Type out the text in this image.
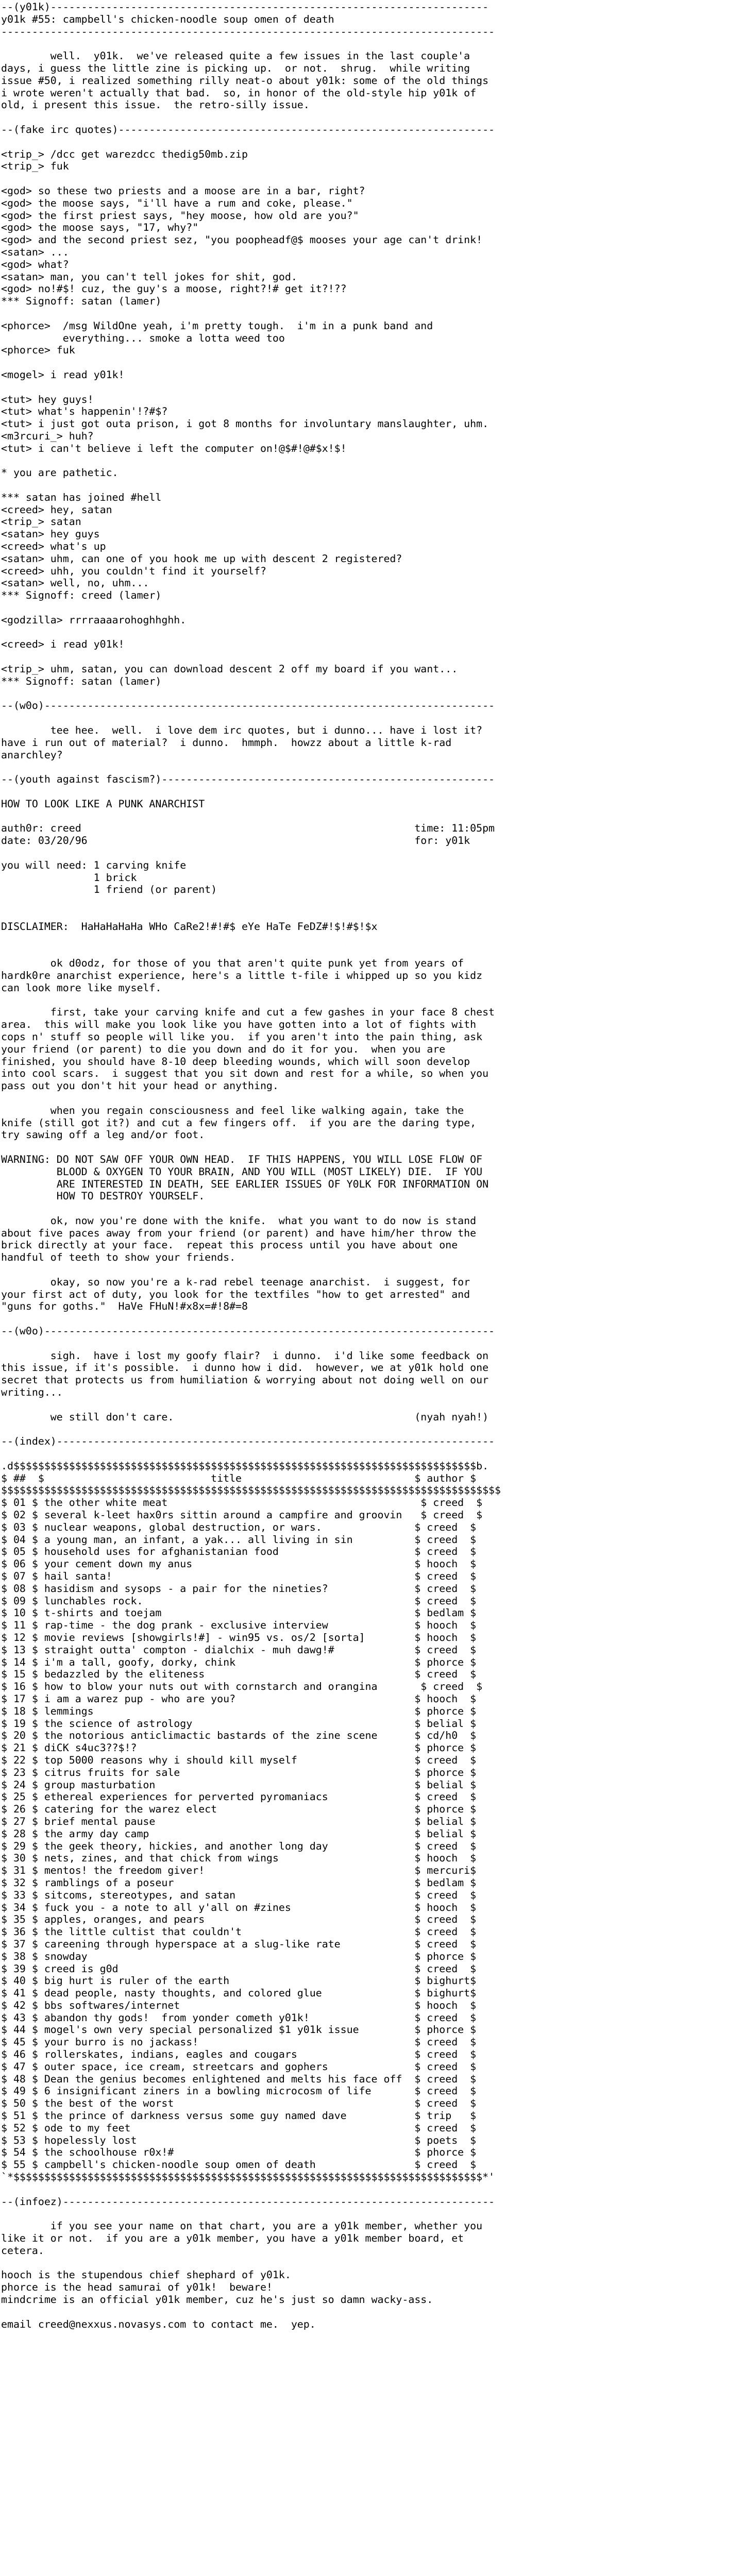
--(y01k)-----------------------------------------------------------------------
y01k #55: campbell's chicken-noodle soup omen of death
--------------------------------------------------------------------------------

well.  y01k.  we've released quite a few issues in the last couple'a
days, i guess the little zine is picking up.  or not.  shrug.  while writing
issue #50, i realized something rilly neat-o about y01k: some of the old things
i wrote weren't actually that bad.  so, in honor of the old-style hip y01k of
old, i present this issue.  the retro-silly issue.

--(fake irc quotes)-------------------------------------------------------------

<trip_> /dcc get warezdcc thedig50mb.zip
<trip_> fuk

<god> so these two priests and a moose are in a bar, right?
<god> the moose says, "i'll have a rum and coke, please."
<god> the first priest says, "hey moose, how old are you?"
<god> the moose says, "17, why?"
<god> and the second priest sez, "you poopheadf@$ mooses your age can't drink!
<satan> ...
<god> what?
<satan> man, you can't tell jokes for shit, god.
<god> no!#$! cuz, the guy's a moose, right?!# get it?!??
*** Signoff: satan (lamer)

<phorce>  /msg WildOne yeah, i'm pretty tough.  i'm in a punk band and
everything... smoke a lotta weed too
<phorce> fuk

<mogel> i read y01k!

<tut> hey guys!
<tut> what's happenin'!?#$?
<tut> i just got outa prison, i got 8 months for involuntary manslaughter, uhm.
<m3rcuri_> huh?
<tut> i can't believe i left the computer on!@$#!@#$x!$!

* you are pathetic.

*** satan has joined #hell
<creed> hey, satan
<trip_> satan
<satan> hey guys
<creed> what's up
<satan> uhm, can one of you hook me up with descent 2 registered?
<creed> uhh, you couldn't find it yourself?
<satan> well, no, uhm...
*** Signoff: creed (lamer)

<godzilla> rrrraaaarohoghhghh.

<creed> i read y01k!

<trip_> uhm, satan, you can download descent 2 off my board if you want...
*** Signoff: satan (lamer)

--(w0o)-------------------------------------------------------------------------

tee hee.  well.  i love dem irc quotes, but i dunno... have i lost it?
have i run out of material?  i dunno.  hmmph.  howzz about a little k-rad
anarchley?

--(youth against fascism?)------------------------------------------------------

HOW TO LOOK LIKE A PUNK ANARCHIST

auth0r: creed                                                      time: 11:05pm
date: 03/20/96                                                     for: y01k

you will need: 1 carving knife
1 brick
1 friend (or parent)

DISCLAIMER:  HaHaHaHaHa WHo CaRe2!#!#$ eYe HaTe FeDZ#!$!#$!$x

ok d0odz, for those of you that aren't quite punk yet from years of
hardk0re anarchist experience, here's a little t-file i whipped up so you kidz
can look more like myself.

first, take your carving knife and cut a few gashes in your face 8 chest
area.  this will make you look like you have gotten into a lot of fights with
cops n' stuff so people will like you.  if you aren't into the pain thing, ask
your friend (or parent) to die you down and do it for you.  when you are
finished, you should have 8-10 deep bleeding wounds, which will soon develop
into cool scars.  i suggest that you sit down and rest for a while, so when you
pass out you don't hit your head or anything.

when you regain consciousness and feel like walking again, take the
knife (still got it?) and cut a few fingers off.  if you are the daring type,
try sawing off a leg and/or foot.

WARNING: DO NOT SAW OFF YOUR OWN HEAD.  IF THIS HAPPENS, YOU WILL LOSE FLOW OF
BLOOD & OXYGEN TO YOUR BRAIN, AND YOU WILL (MOST LIKELY) DIE.  IF YOU
ARE INTERESTED IN DEATH, SEE EARLIER ISSUES OF Y0LK FOR INFORMATION ON
HOW TO DESTROY YOURSELF.

ok, now you're done with the knife.  what you want to do now is stand
about five paces away from your friend (or parent) and have him/her throw the
brick directly at your face.  repeat this process until you have about one
handful of teeth to show your friends.

okay, so now you're a k-rad rebel teenage anarchist.  i suggest, for
your first act of duty, you look for the textfiles "how to get arrested" and
"guns for goths."  HaVe FHuN!#x8x=#!8#=8

--(w0o)-------------------------------------------------------------------------

sigh.  have i lost my goofy flair?  i dunno.  i'd like some feedback on
this issue, if it's possible.  i dunno how i did.  however, we at y01k hold one
secret that protects us from humiliation & worrying about not doing well on our
writing...

we still don't care.                                       (nyah nyah!)

--(index)-----------------------------------------------------------------------

.d$$$$$$$$$$$$$$$$$$$$$$$$$$$$$$$$$$$$$$$$$$$$$$$$$$$$$$$$$$$$$$$$$$$$$$$$$$$b.
$ ##  $                           title                            $ author $
$$$$$$$$$$$$$$$$$$$$$$$$$$$$$$$$$$$$$$$$$$$$$$$$$$$$$$$$$$$$$$$$$$$$$$$$$$$$$$$$$
$ 01 $ the other white meat                                         $ creed  $
$ 02 $ several k-leet hax0rs sittin around a campfire and groovin   $ creed  $
$ 03 $ nuclear weapons, global destruction, or wars.               $ creed  $
$ 04 $ a young man, an infant, a yak... all living in sin          $ creed  $
$ 05 $ household uses for afghanistanian food                      $ creed  $
$ 06 $ your cement down my anus                                    $ hooch  $
$ 07 $ hail santa!                                                 $ creed  $
$ 08 $ hasidism and sysops - a pair for the nineties?              $ creed  $
$ 09 $ lunchables rock.                                            $ creed  $
$ 10 $ t-shirts and toejam                                         $ bedlam $
$ 11 $ rap-time - the dog prank - exclusive interview              $ hooch  $
$ 12 $ movie reviews [showgirls!#] - win95 vs. os/2 [sorta]        $ hooch  $
$ 13 $ straight outta' compton - dialchix - muh dawg!#             $ creed  $
$ 14 $ i'm a tall, goofy, dorky, chink                             $ phorce $
$ 15 $ bedazzled by the eliteness                                  $ creed  $
$ 16 $ how to blow your nuts out with cornstarch and orangina       $ creed  $
$ 17 $ i am a warez pup - who are you?                             $ hooch  $
$ 18 $ lemmings                                                    $ phorce $
$ 19 $ the science of astrology                                    $ belial $
$ 20 $ the notorious anticlimactic bastards of the zine scene      $ cd/h0  $
$ 21 $ diCK s4uc3??$!?                                             $ phorce $
$ 22 $ top 5000 reasons why i should kill myself                   $ creed  $
$ 23 $ citrus fruits for sale                                      $ phorce $
$ 24 $ group masturbation                                          $ belial $
$ 25 $ ethereal experiences for perverted pyromaniacs              $ creed  $
$ 26 $ catering for the warez elect                                $ phorce $
$ 27 $ brief mental pause                                          $ belial $
$ 28 $ the army day camp                                           $ belial $
$ 29 $ the geek theory, hickies, and another long day              $ creed  $
$ 30 $ nets, zines, and that chick from wings                      $ hooch  $
$ 31 $ mentos! the freedom giver!                                  $ mercuri$
$ 32 $ ramblings of a poseur                                       $ bedlam $
$ 33 $ sitcoms, stereotypes, and satan                             $ creed  $
$ 34 $ fuck you - a note to all y'all on #zines                    $ hooch  $
$ 35 $ apples, oranges, and pears                                  $ creed  $
$ 36 $ the little cultist that couldn't                            $ creed  $
$ 37 $ careening through hyperspace at a slug-like rate            $ creed  $
$ 38 $ snowday                                                     $ phorce $
$ 39 $ creed is g0d                                                $ creed  $
$ 40 $ big hurt is ruler of the earth                              $ bighurt$
$ 41 $ dead people, nasty thoughts, and colored glue               $ bighurt$
$ 42 $ bbs softwares/internet                                      $ hooch  $
$ 43 $ abandon thy gods!  from yonder cometh y01k!                 $ creed  $
$ 44 $ mogel's own very special personalized $1 y01k issue         $ phorce $
$ 45 $ your burro is no jackass!                                   $ creed  $
$ 46 $ rollerskates, indians, eagles and cougars                   $ creed  $
$ 47 $ outer space, ice cream, streetcars and gophers              $ creed  $
$ 48 $ Dean the genius becomes enlightened and melts his face off  $ creed  $
$ 49 $ 6 insignificant ziners in a bowling microcosm of life       $ creed  $
$ 50 $ the best of the worst                                       $ creed  $
$ 51 $ the prince of darkness versus some guy named dave           $ trip   $
$ 52 $ ode to my feet                                              $ creed  $
$ 53 $ hopelessly lost                                             $ poets  $
$ 54 $ the schoolhouse r0x!#                                       $ phorce $
$ 55 $ campbell's chicken-noodle soup omen of death                $ creed  $
`*$$$$$$$$$$$$$$$$$$$$$$$$$$$$$$$$$$$$$$$$$$$$$$$$$$$$$$$$$$$$$$$$$$$$$$$$$$$$*'

--(infoez)----------------------------------------------------------------------

if you see your name on that chart, you are a y01k member, whether you
like it or not.  if you are a y01k member, you have a y01k member board, et
cetera.

hooch is the stupendous chief shephard of y01k.
phorce is the head samurai of y01k!  beware!
mindcrime is an official y01k member, cuz he's just so damn wacky-ass.

email creed@nexxus.novasys.com to contact me.  yep.
